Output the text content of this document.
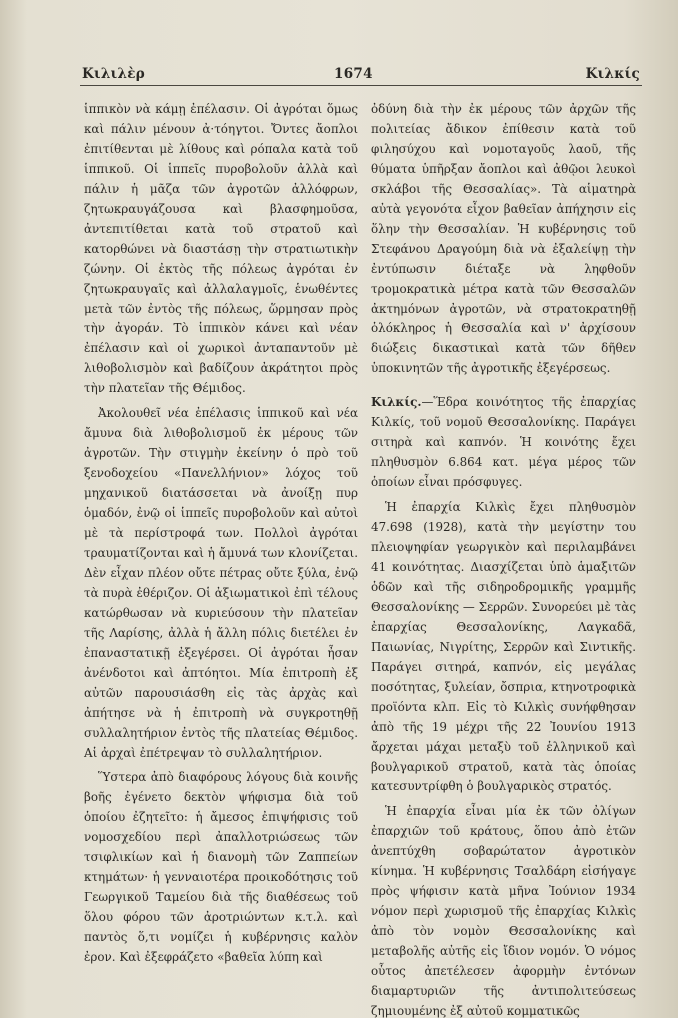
Κιλιλὲρ	1674	Κιλκίς

ἱππικὸν νὰ κάμῃ ἐπέλασιν. Οἱ ἀγρόται ὅμως καὶ πάλιν μένουν ἀ·τόηγτοι. Ὄντες ἄοπλοι ἐπιτίθενται μὲ λίθους καὶ ρόπαλα κατὰ τοῦ ἱππικοῦ. Οἱ ἱππεῖς πυροβολοῦν ἀλλὰ καὶ πάλιν ἡ μᾶζα τῶν ἀγροτῶν ἀλλόφρων, ζητωκραυγάζουσα καὶ βλασφημοῦσα, ἀντεπιτίθεται κατὰ τοῦ στρατοῦ καὶ κατορθώνει νὰ διαστάσῃ τὴν στρατιωτικὴν ζώνην. Οἱ ἐκτὸς τῆς πόλεως ἀγρόται ἐν ζητωκραυγαῖς καὶ ἀλλαλαγμοῖς, ἑνωθέντες μετὰ τῶν ἐντὸς τῆς πόλεως, ὥρμησαν πρὸς τὴν ἀγοράν. Τὸ ἱππικὸν κάνει καὶ νέαν ἐπέλασιν καὶ οἱ χωρικοὶ ἀνταπαντοῦν μὲ λιθοβολισμὸν καὶ βαδίζουν ἀκράτητοι πρὸς τὴν πλατεῖαν τῆς Θέμιδος.

Ἀκολουθεῖ νέα ἐπέλασις ἱππικοῦ καὶ νέα ἄμυνα διὰ λιθοβολισμοῦ ἐκ μέρους τῶν ἀγροτῶν. Τὴν στιγμὴν ἐκείνην ὁ πρὸ τοῦ ξενοδοχείου «Πανελλήνιον» λόχος τοῦ μηχανικοῦ διατάσσεται νὰ ἀνοίξῃ πυρ ὁμαδόν, ἐνῷ οἱ ἱππεῖς πυροβολοῦν καὶ αὐτοὶ μὲ τὰ περίστροφά των. Πολλοὶ ἀγρόται τραυματίζονται καὶ ἡ ἄμυνά των κλονίζεται. Δὲν εἶχαν πλέον οὔτε πέτρας οὔτε ξύλα, ἐνῷ τὰ πυρὰ ἐθέριζον. Οἱ ἀξιωματικοὶ ἐπὶ τέλους κατώρθωσαν νὰ κυριεύσουν τὴν πλατεῖαν τῆς Λαρίσης, ἀλλὰ ἡ ἄλλη πόλις διετέλει ἐν ἐπαναστατικῇ ἐξεγέρσει. Οἱ ἀγρόται ἦσαν ἀνένδοτοι καὶ ἀπτόητοι. Μία ἐπιτροπὴ ἐξ αὐτῶν παρουσιάσθη εἰς τὰς ἀρχὰς καὶ ἀπήτησε νὰ ἡ ἐπιτροπὴ νὰ συγκροτηθῇ συλλαλητήριον ἐντὸς τῆς πλατείας Θέμιδος. Αἱ ἀρχαὶ ἐπέτρεψαν τὸ συλλαλητήριον.

Ὕστερα ἀπὸ διαφόρους λόγους διὰ κοινῆς βοῆς ἐγένετο δεκτὸν ψήφισμα διὰ τοῦ ὁποίου ἐζητεῖτο: ἡ ἄμεσος ἐπιψήφισις τοῦ νομοσχεδίου περὶ ἀπαλλοτριώσεως τῶν τσιφλικίων καὶ ἡ διανομὴ τῶν Ζαππείων κτημάτων· ἡ γενναιοτέρα προικοδότησις τοῦ Γεωργικοῦ Ταμείου διὰ τῆς διαθέσεως τοῦ ὅλου φόρου τῶν ἀροτριώντων κ.τ.λ. καὶ παντὸς ὅ,τι νομίζει ἡ κυβέρνησις καλὸν ἐρον. Καὶ ἐξεφράζετο «βαθεῖα λύπη καὶ

ὀδύνη διὰ τὴν ἐκ μέρους τῶν ἀρχῶν τῆς πολιτείας ἄδικον ἐπίθεσιν κατὰ τοῦ φιλησύχου καὶ νομοταγοῦς λαοῦ, τῆς θύματα ὑπῆρξαν ἄοπλοι καὶ ἀθῷοι λευκοὶ σκλάβοι τῆς Θεσσαλίας». Τὰ αἱματηρὰ αὐτὰ γεγονότα εἶχον βαθεῖαν ἀπήχησιν εἰς ὅλην τὴν Θεσσαλίαν. Ἡ κυβέρνησις τοῦ Στεφάνου Δραγούμη διὰ νὰ ἐξαλείψῃ τὴν ἐντύπωσιν διέταξε νὰ ληφθοῦν τρομοκρατικὰ μέτρα κατὰ τῶν Θεσσαλῶν ἀκτημόνων ἀγροτῶν, νὰ στρατοκρατηθῇ ὁλόκληρος ἡ Θεσσαλία καὶ ν' ἀρχίσουν διώξεις δικαστικαὶ κατὰ τῶν δῆθεν ὑποκινητῶν τῆς ἀγροτικῆς ἐξεγέρσεως.

Κιλκίς.—Ἕδρα κοινότητος τῆς ἐπαρχίας Κιλκίς, τοῦ νομοῦ Θεσσαλονίκης. Παράγει σιτηρὰ καὶ καπνόν. Ἡ κοινότης ἔχει πληθυσμὸν 6.864 κατ. μέγα μέρος τῶν ὁποίων εἶναι πρόσφυγες.

Ἡ ἐπαρχία Κιλκὶς ἔχει πληθυσμὸν 47.698 (1928), κατὰ τὴν μεγίστην του πλειοψηφίαν γεωργικὸν καὶ περιλαμβάνει 41 κοινότητας. Διασχίζεται ὑπὸ ἁμαξιτῶν ὁδῶν καὶ τῆς σιδηροδρομικῆς γραμμῆς Θεσσαλονίκης — Σερρῶν. Συνορεύει μὲ τὰς ἐπαρχίας Θεσσαλονίκης, Λαγκαδᾶ, Παιωνίας, Νιγρίτης, Σερρῶν καὶ Σιντικῆς. Παράγει σιτηρά, καπνόν, εἰς μεγάλας ποσότητας, ξυλείαν, ὄσπρια, κτηνοτροφικὰ προϊόντα κλπ. Εἰς τὸ Κιλκὶς συνήφθησαν ἀπὸ τῆς 19 μέχρι τῆς 22 Ἰουνίου 1913 ἄρχεται μάχαι μεταξὺ τοῦ ἑλληνικοῦ καὶ βουλγαρικοῦ στρατοῦ, κατὰ τὰς ὁποίας κατεσυντρίφθη ὁ βουλγαρικὸς στρατός.

Ἡ ἐπαρχία εἶναι μία ἐκ τῶν ὀλίγων ἐπαρχιῶν τοῦ κράτους, ὅπου ἀπὸ ἐτῶν ἀνεπτύχθη σοβαρώτατον ἀγροτικὸν κίνημα. Ἡ κυβέρνησις Τσαλδάρη εἰσήγαγε πρὸς ψήφισιν κατὰ μῆνα Ἰούνιον 1934 νόμον περὶ χωρισμοῦ τῆς ἐπαρχίας Κιλκὶς ἀπὸ τὸν νομὸν Θεσσαλονίκης καὶ μεταβολῆς αὐτῆς εἰς ἴδιον νομόν. Ὁ νόμος οὗτος ἀπετέλεσεν ἀφορμὴν ἐντόνων διαμαρτυριῶν τῆς ἀντιπολιτεύσεως ζημιουμένης ἐξ αὐτοῦ κομματικῶς
